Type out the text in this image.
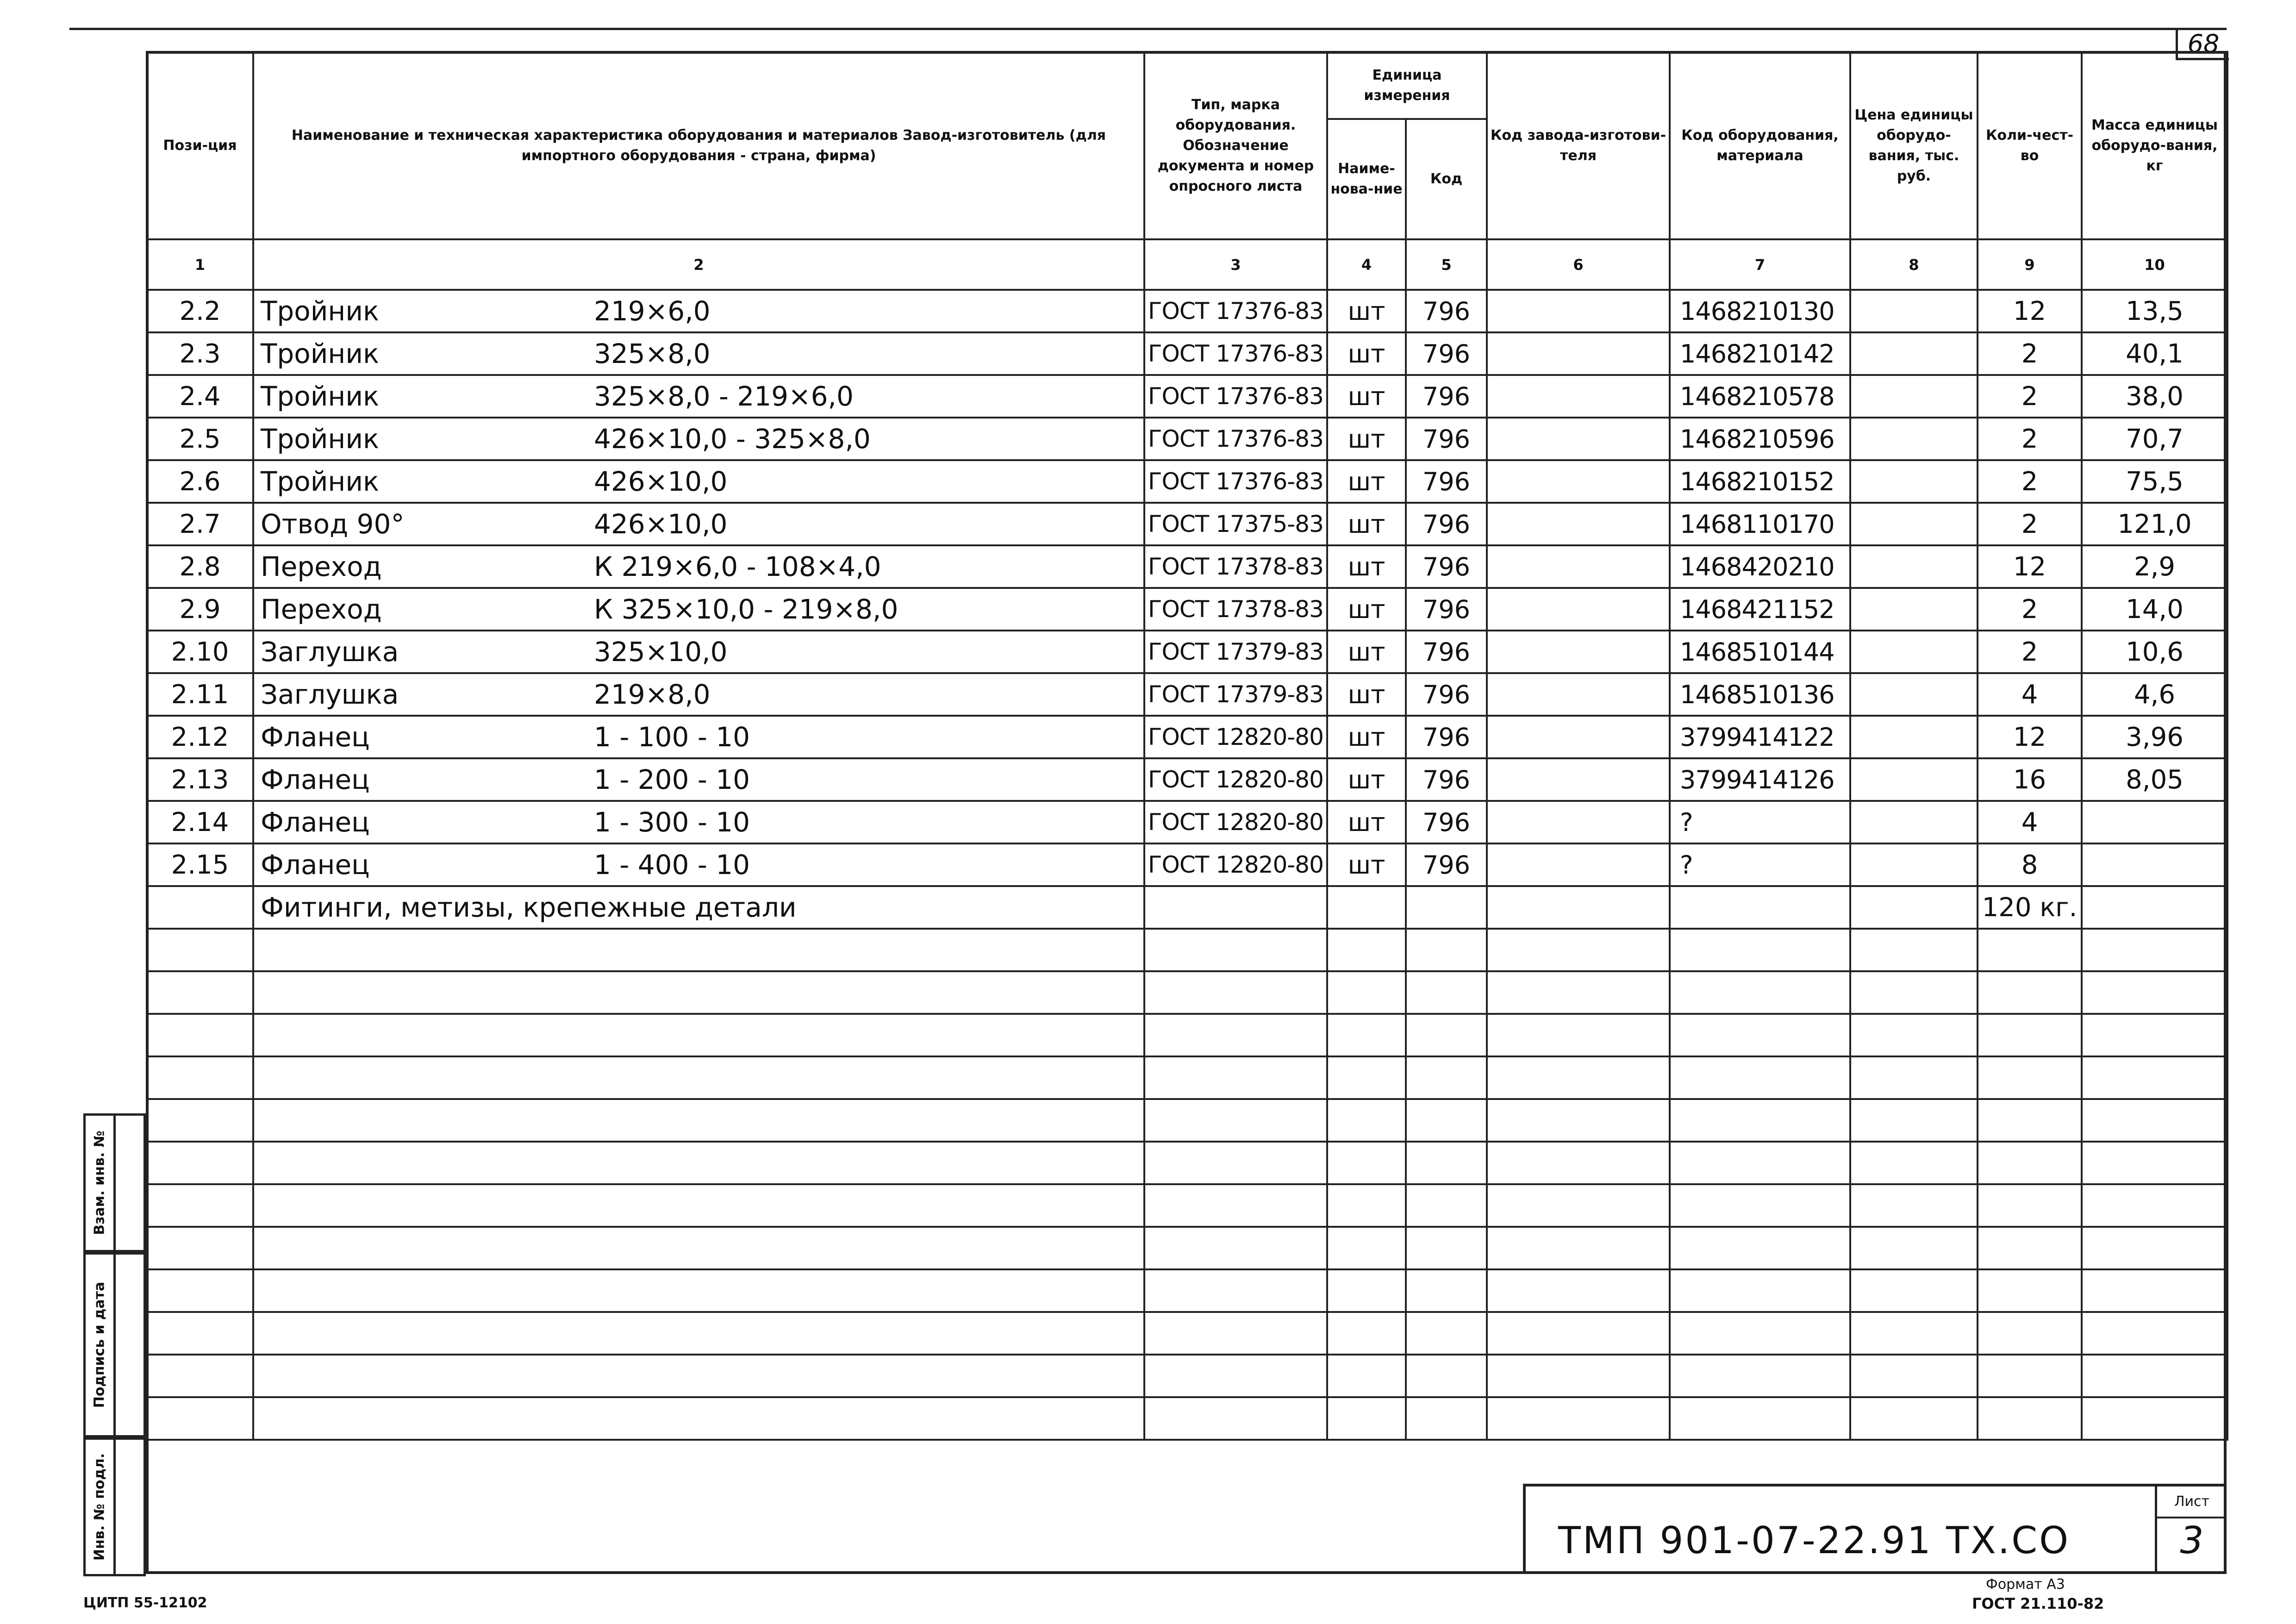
68
Пози-ция	Наименование и техническая характеристика оборудования и материалов Завод-изготовитель (для импортного оборудования - страна, фирма)	Тип, марка оборудования. Обозначение документа и номер опросного листа	Единица измерения		Код завода-изготови-теля	Код оборудования, материала	Цена единицы оборудо-вания, тыс. руб.	Коли-чест-во	Масса единицы оборудо-вания, кг
			Наиме-нова-ние	Код					
1	2	3	4	5	6	7	8	9	10
2.2	Тройник 219×6,0	ГОСТ 17376-83	шт	796		1468210130		12	13,5
2.3	Тройник 325×8,0	ГОСТ 17376-83	шт	796		1468210142		2	40,1
2.4	Тройник 325×8,0 - 219×6,0	ГОСТ 17376-83	шт	796		1468210578		2	38,0
2.5	Тройник 426×10,0 - 325×8,0	ГОСТ 17376-83	шт	796		1468210596		2	70,7
2.6	Тройник 426×10,0	ГОСТ 17376-83	шт	796		1468210152		2	75,5
2.7	Отвод 90° 426×10,0	ГОСТ 17375-83	шт	796		1468110170		2	121,0
2.8	Переход К 219×6,0 - 108×4,0	ГОСТ 17378-83	шт	796		1468420210		12	2,9
2.9	Переход К 325×10,0 - 219×8,0	ГОСТ 17378-83	шт	796		1468421152		2	14,0
2.10	Заглушка 325×10,0	ГОСТ 17379-83	шт	796		1468510144		2	10,6
2.11	Заглушка 219×8,0	ГОСТ 17379-83	шт	796		1468510136		4	4,6
2.12	Фланец 1 - 100 - 10	ГОСТ 12820-80	шт	796		3799414122		12	3,96
2.13	Фланец 1 - 200 - 10	ГОСТ 12820-80	шт	796		3799414126		16	8,05
2.14	Фланец 1 - 300 - 10	ГОСТ 12820-80	шт	796		?		4	
2.15	Фланец 1 - 400 - 10	ГОСТ 12820-80	шт	796		?		8	
	Фитинги, метизы, крепежные детали							120 кг.	

Взам. инв. №
Подпись и дата
Инв. № подл.	ТМП 901-07-22.91 ТХ.СО
Лист
3
Формат А3
ГОСТ 21.110-82
ЦИТП 55-12102
